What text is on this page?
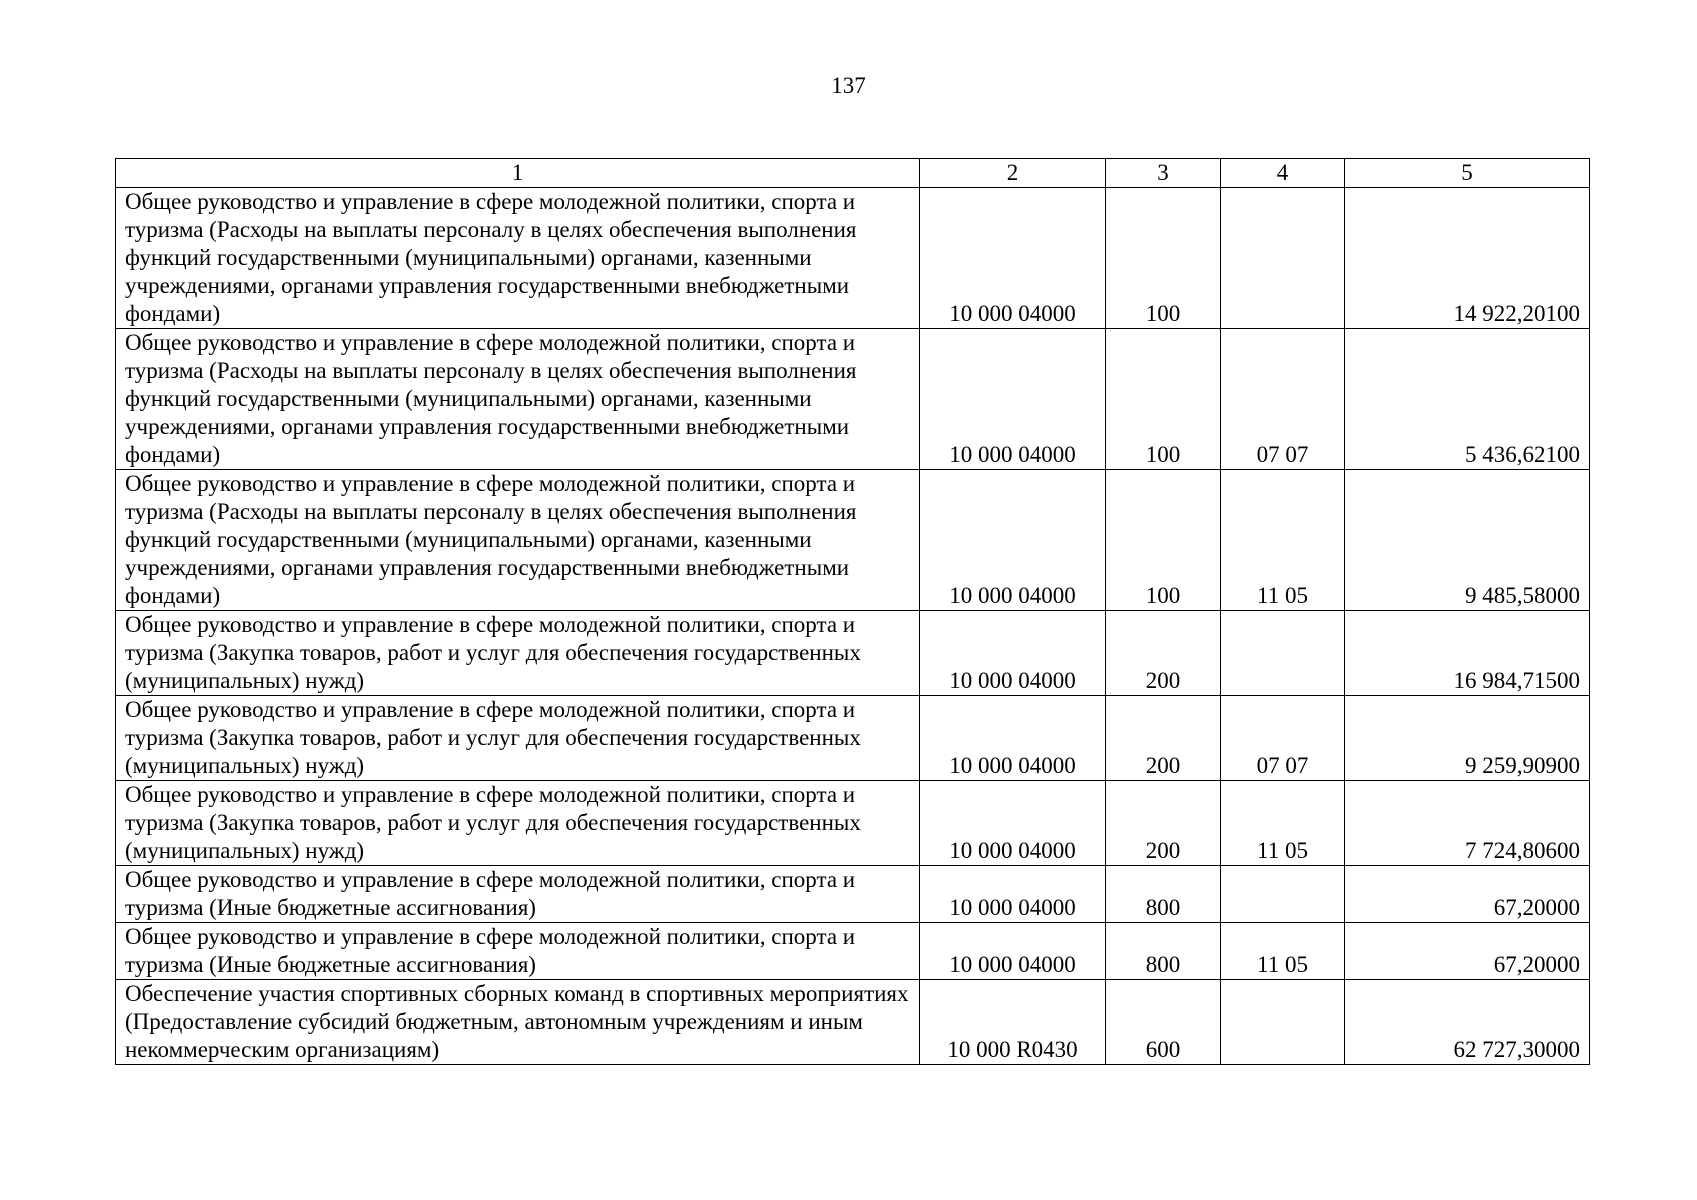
137
1	2	3	4	5
Общее руководство и управление в сфере молодежной политики, спорта и туризма (Расходы на выплаты персоналу в целях обеспечения выполнения функций государственными (муниципальными) органами, казенными учреждениями, органами управления государственными внебюджетными фондами)	10 000 04000	100		14 922,20100
Общее руководство и управление в сфере молодежной политики, спорта и туризма (Расходы на выплаты персоналу в целях обеспечения выполнения функций государственными (муниципальными) органами, казенными учреждениями, органами управления государственными внебюджетными фондами)	10 000 04000	100	07 07	5 436,62100
Общее руководство и управление в сфере молодежной политики, спорта и туризма (Расходы на выплаты персоналу в целях обеспечения выполнения функций государственными (муниципальными) органами, казенными учреждениями, органами управления государственными внебюджетными фондами)	10 000 04000	100	11 05	9 485,58000
Общее руководство и управление в сфере молодежной политики, спорта и туризма (Закупка товаров, работ и услуг для обеспечения государственных (муниципальных) нужд)	10 000 04000	200		16 984,71500
Общее руководство и управление в сфере молодежной политики, спорта и туризма (Закупка товаров, работ и услуг для обеспечения государственных (муниципальных) нужд)	10 000 04000	200	07 07	9 259,90900
Общее руководство и управление в сфере молодежной политики, спорта и туризма (Закупка товаров, работ и услуг для обеспечения государственных (муниципальных) нужд)	10 000 04000	200	11 05	7 724,80600
Общее руководство и управление в сфере молодежной политики, спорта и туризма (Иные бюджетные ассигнования)	10 000 04000	800		67,20000
Общее руководство и управление в сфере молодежной политики, спорта и туризма (Иные бюджетные ассигнования)	10 000 04000	800	11 05	67,20000
Обеспечение участия спортивных сборных команд в спортивных мероприятиях (Предоставление субсидий бюджетным, автономным учреждениям и иным некоммерческим организациям)	10 000 R0430	600		62 727,30000
